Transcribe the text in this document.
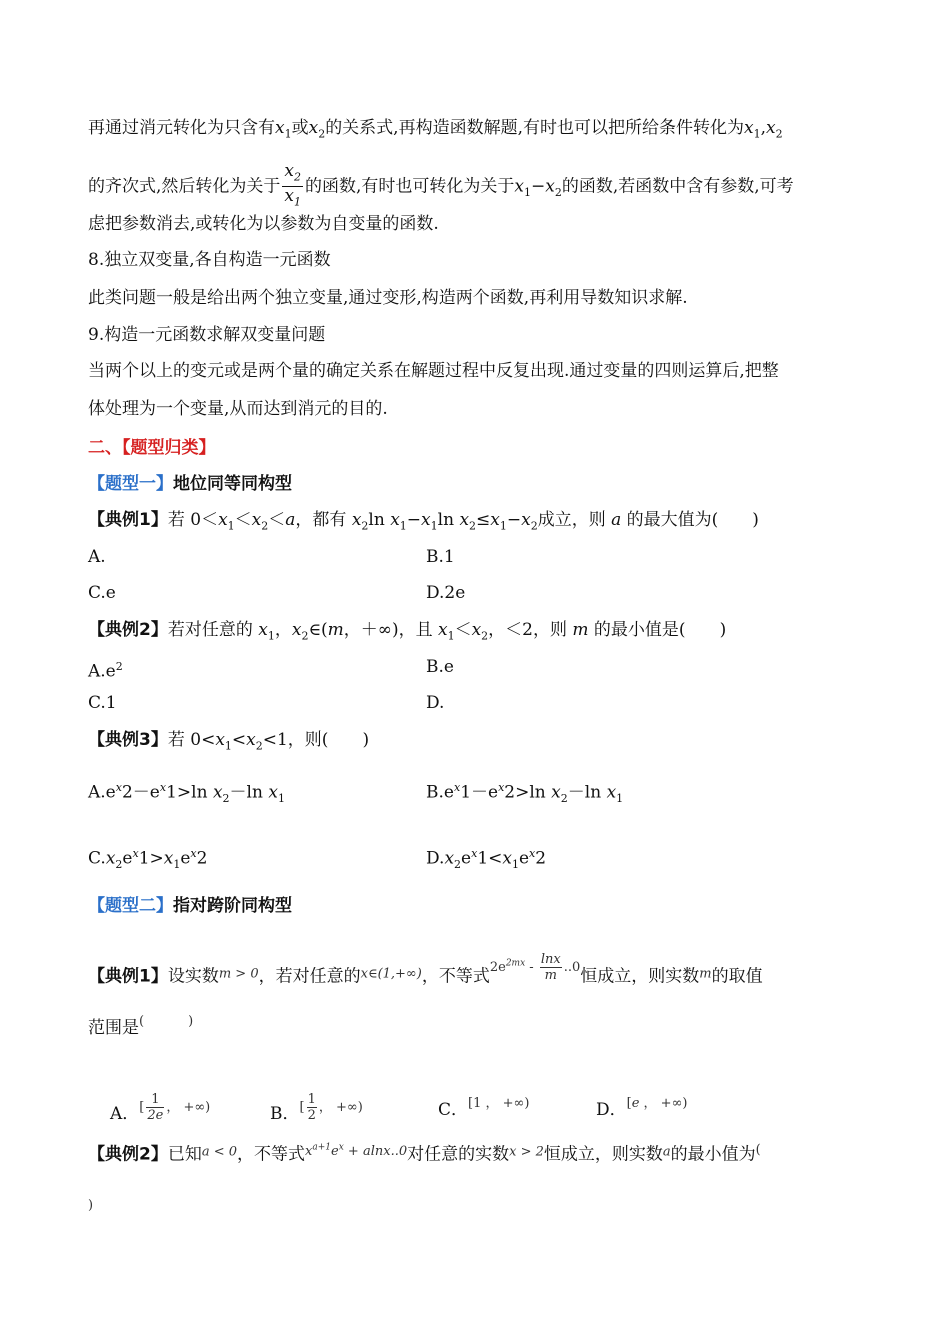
再通过消元转化为只含有$x_1$或$x_2$的关系式,再构造函数解题,有时也可以把所给条件转化为$x_1,x_2$
的齐次式,然后转化为关于 $\frac{x_2}{x_1}$ 的函数,有时也可转化为关于$x_1-x_2$的函数,若函数中含有参数,可考
虑把参数消去,或转化为以参数为自变量的函数.
8.独立双变量,各自构造一元函数
此类问题一般是给出两个独立变量,通过变形,构造两个函数,再利用导数知识求解.
9.构造一元函数求解双变量问题
当两个以上的变元或是两个量的确定关系在解题过程中反复出现.通过变量的四则运算后,把整
体处理为一个变量,从而达到消元的目的.
二、【题型归类】
【题型一】地位同等同构型
【典例1】若 $0<x_1<x_2<a$，都有 $x_2\ln$ $x_1-x_1\ln$ $x_2\le x_1-x_2$成立，则 a 的最大值为(　　)
A.	B.1
C.e	D.2e
【典例2】若对任意的 $x_1$，$x_2\in(m$，＋∞)，且 $x_1<x_2$，＜2，则 m 的最小值是(　　)
$A.e^2$	B.e
C.1	D.
【典例3】若 $0<x_1<x_2<1$，则(　　)
$A.e^x2-e^x1>\ln$ $x_2-\ln$ $x_1$	$B.e^x1-e^x2>\ln$ $x_2-\ln$ $x_1$
$C.x_2e^x1>x_1e^x2$	$D.x_2e^x1<x_1e^x2$
【题型二】指对跨阶同构型
【典例1】设实数$^{m > 0}$，若对任意的$^{x\in(1,+\infty)}$，不等式$^{2e^{2mx} - \frac{\ln x}{m} ..0}$恒成立，则实数$^m$的取值
范围是(	)
A．$^{[ \frac{1}{2e} , +\infty)}$	B．$^{[ \frac{1}{2} , +\infty)}$	C．$^{[1 , +\infty)}$	D．$^{[e , +\infty)}$
【典例2】已知$^{a < 0}$，不等式$^{x^{a+1}e^x + alnx..0}$对任意的实数$^{x > 2}$恒成立，则实数$^a$的最小值为(
)
